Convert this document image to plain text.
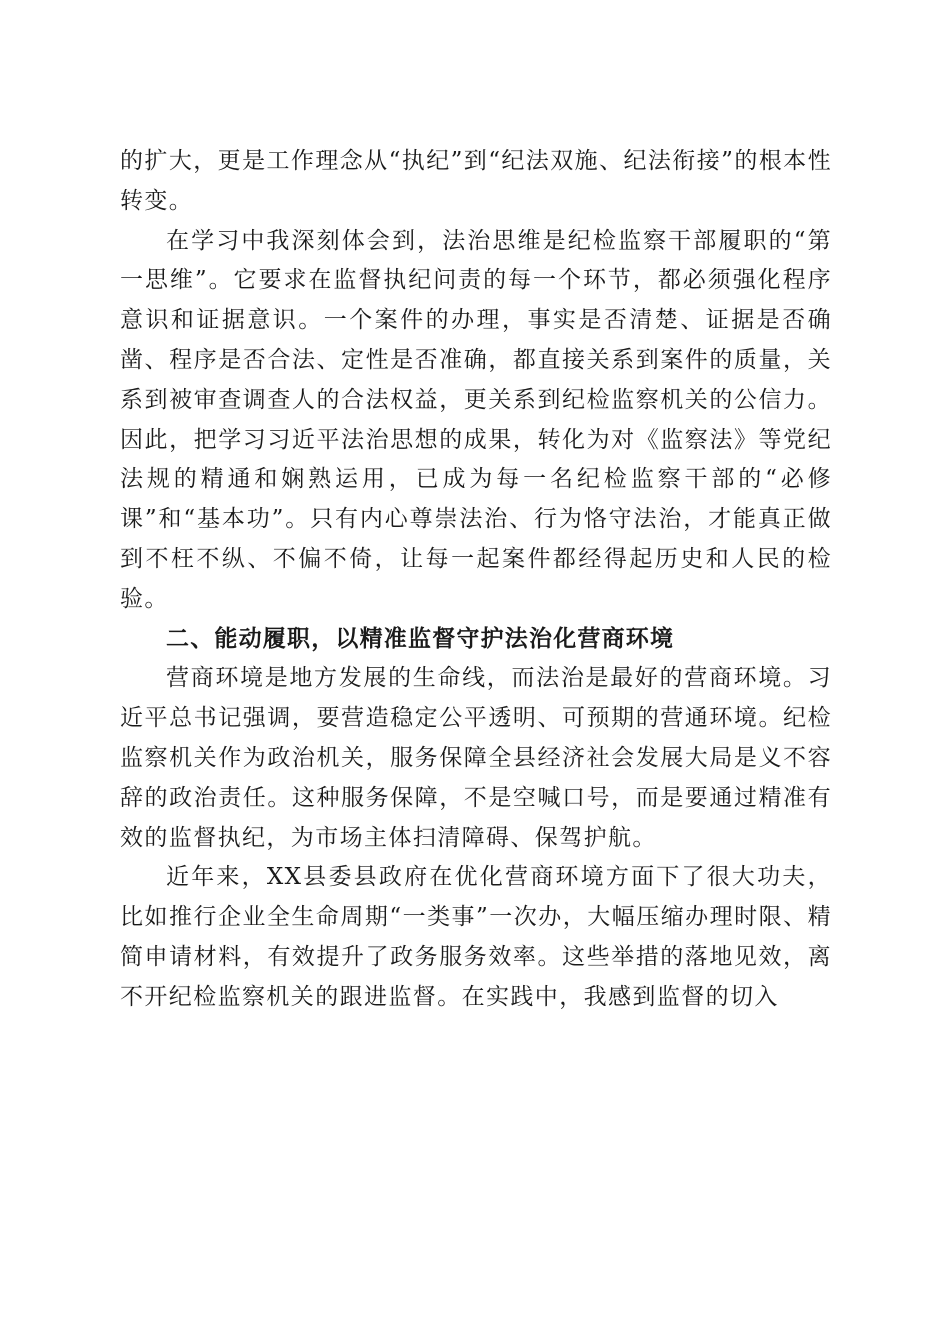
的扩大，更是工作理念从“执纪”到“纪法双施、纪法衔接”的根本性转变。

在学习中我深刻体会到，法治思维是纪检监察干部履职的“第一思维”。它要求在监督执纪问责的每一个环节，都必须强化程序意识和证据意识。一个案件的办理，事实是否清楚、证据是否确凿、程序是否合法、定性是否准确，都直接关系到案件的质量，关系到被审查调查人的合法权益，更关系到纪检监察机关的公信力。因此，把学习习近平法治思想的成果，转化为对《监察法》等党纪法规的精通和娴熟运用，已成为每一名纪检监察干部的“必修课”和“基本功”。只有内心尊崇法治、行为恪守法治，才能真正做到不枉不纵、不偏不倚，让每一起案件都经得起历史和人民的检验。

二、能动履职，以精准监督守护法治化营商环境

营商环境是地方发展的生命线，而法治是最好的营商环境。习近平总书记强调，要营造稳定公平透明、可预期的营通环境。纪检监察机关作为政治机关，服务保障全县经济社会发展大局是义不容辞的政治责任。这种服务保障，不是空喊口号，而是要通过精准有效的监督执纪，为市场主体扫清障碍、保驾护航。

近年来，XX县委县政府在优化营商环境方面下了很大功夫，比如推行企业全生命周期“一类事”一次办，大幅压缩办理时限、精简申请材料，有效提升了政务服务效率。这些举措的落地见效，离不开纪检监察机关的跟进监督。在实践中，我感到监督的切入
